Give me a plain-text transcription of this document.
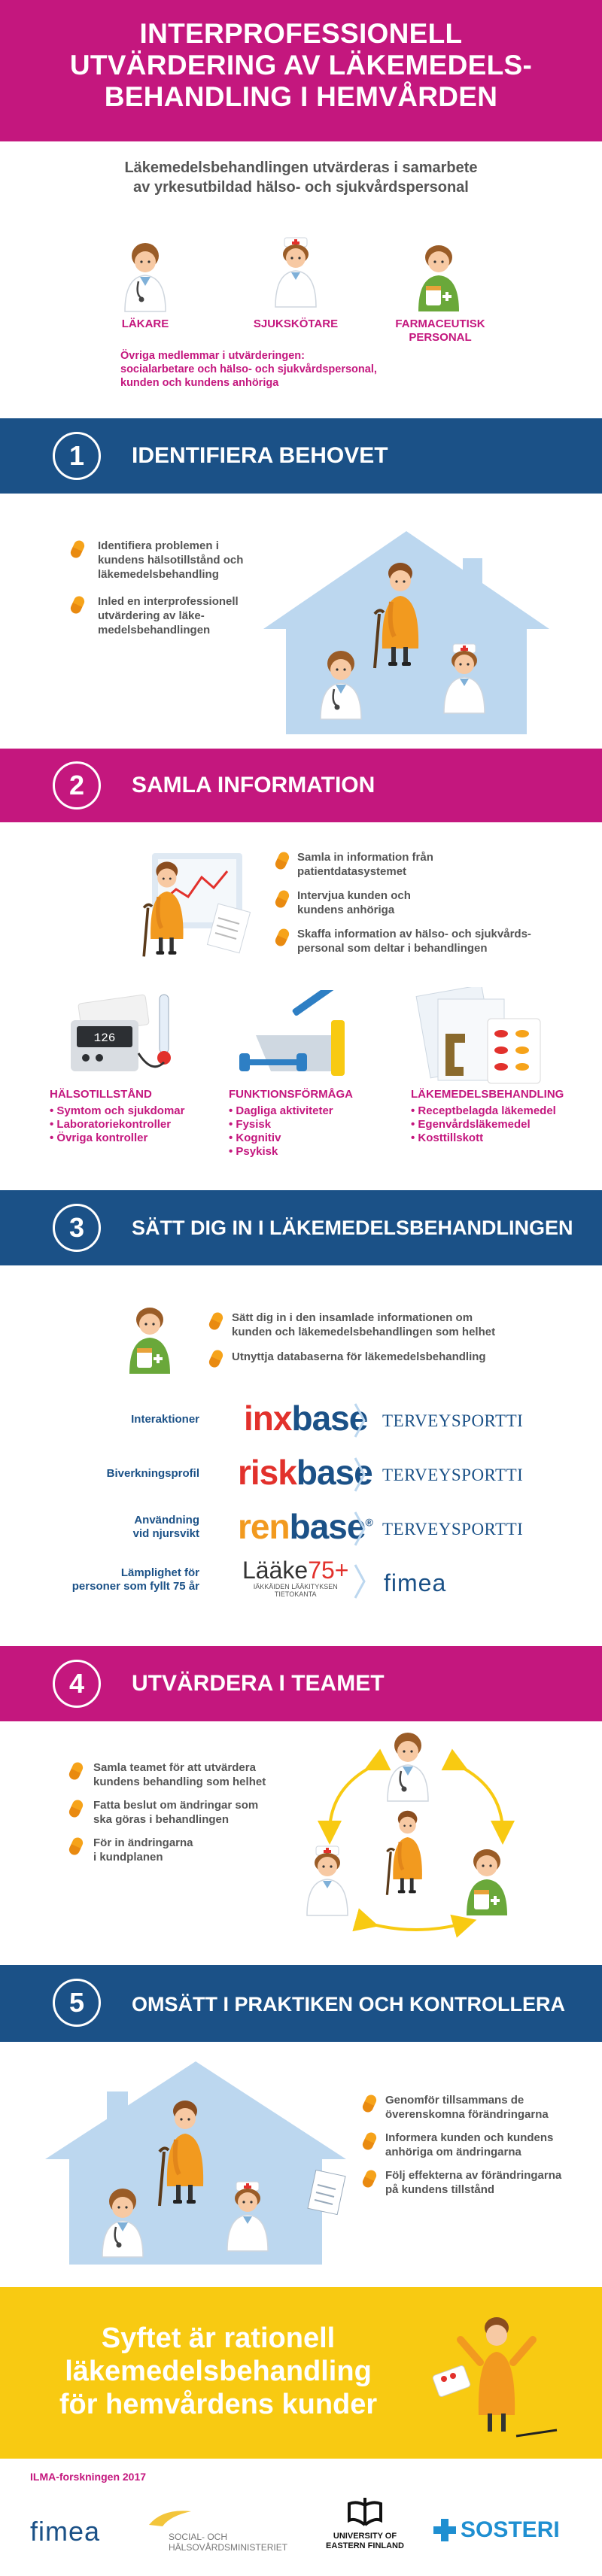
INTERPROFESSIONELL
UTVÄRDERING AV LÄKEMEDELS-
BEHANDLING I HEMVÅRDEN
Läkemedelsbehandlingen utvärderas i samarbete
av yrkesutbildad hälso- och sjukvårdspersonal
LÄKARE	SJUKSKÖTARE	FARMACEUTISK
PERSONAL
Övriga medlemmar i utvärderingen:
socialarbetare och hälso- och sjukvårdspersonal,
kunden och kundens anhöriga
1	IDENTIFIERA BEHOVET
Identifiera problemen i
kundens hälsotillstånd och
läkemedelsbehandling
Inled en interprofessionell
utvärdering av läke-
medelsbehandlingen
2	SAMLA INFORMATION
Samla in information från
patientdatasystemet
Intervjua kunden och
kundens anhöriga
Skaffa information av hälso- och sjukvårds-
personal som deltar i behandlingen
126
HÄLSOTILLSTÅND
• Symtom och sjukdomar
• Laboratoriekontroller
• Övriga kontroller
FUNKTIONSFÖRMÅGA
• Dagliga aktiviteter
• Fysisk
• Kognitiv
• Psykisk
LÄKEMEDELSBEHANDLING
• Receptbelagda läkemedel
• Egenvårdsläkemedel
• Kosttillskott
3	SÄTT DIG IN I LÄKEMEDELSBEHANDLINGEN
Sätt dig in i den insamlade informationen om
kunden och läkemedelsbehandlingen som helhet
Utnyttja databaserna för läkemedelsbehandling
Interaktioner inxbase TERVEYSPORTTI
Biverkningsprofil riskbase TERVEYSPORTTI
Användning
vid njursvikt renbase® TERVEYSPORTTI
Lämplighet för
personer som fyllt 75 år
Lääke75+
IÄKKÄIDEN LÄÄKITYKSEN
TIETOKANTA	fimea
4	UTVÄRDERA I TEAMET
Samla teamet för att utvärdera
kundens behandling som helhet
Fatta beslut om ändringar som
ska göras i behandlingen
För in ändringarna
i kundplanen
5	OMSÄTT I PRAKTIKEN OCH KONTROLLERA
Genomför tillsammans de
överenskomna förändringarna
Informera kunden och kundens
anhöriga om ändringarna
Följ effekterna av förändringarna
på kundens tillstånd
Syftet är rationell
läkemedelsbehandling
för hemvårdens kunder
ILMA-forskningen 2017
fimea	SOCIAL- OCH
HÄLSOVÅRDSMINISTERIET
UNIVERSITY OF
EASTERN FINLAND
SOSTERI
